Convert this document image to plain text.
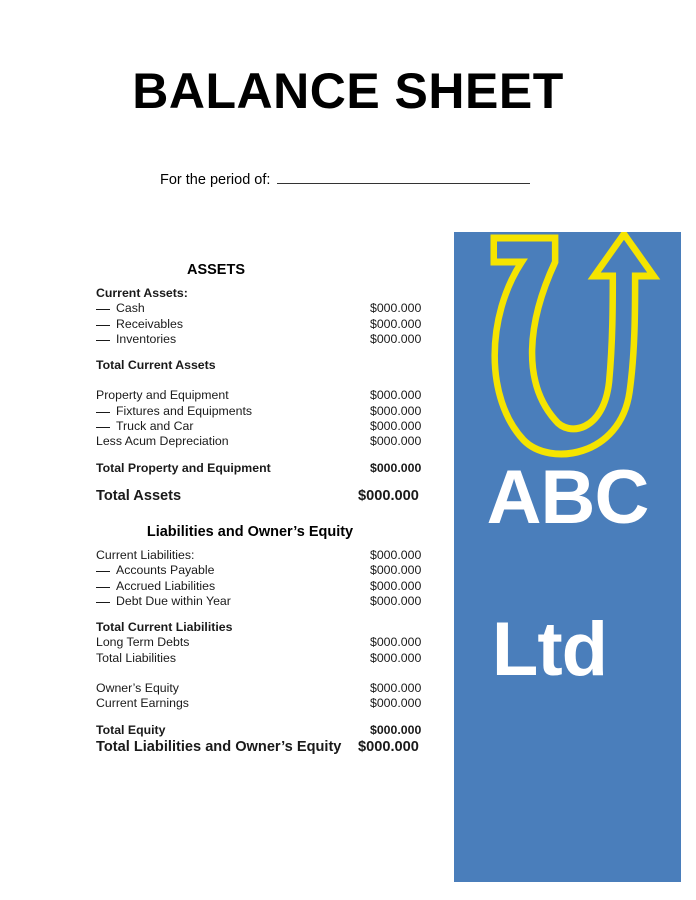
BALANCE SHEET
For the period of:
ABC
Ltd
ASSETS
Current Assets:
Cash	$000.000
Receivables	$000.000
Inventories	$000.000
Total Current Assets
Property and Equipment	$000.000
Fixtures and Equipments	$000.000
Truck and Car	$000.000
Less Acum Depreciation	$000.000
Total Property and Equipment	$000.000
Total Assets	$000.000
Liabilities and Owner’s Equity
Current Liabilities:	$000.000
Accounts Payable	$000.000
Accrued Liabilities	$000.000
Debt Due within Year	$000.000
Total Current Liabilities
Long Term Debts	$000.000
Total Liabilities	$000.000
Owner’s Equity	$000.000
Current Earnings	$000.000
Total Equity	$000.000
Total Liabilities and Owner’s Equity	$000.000
